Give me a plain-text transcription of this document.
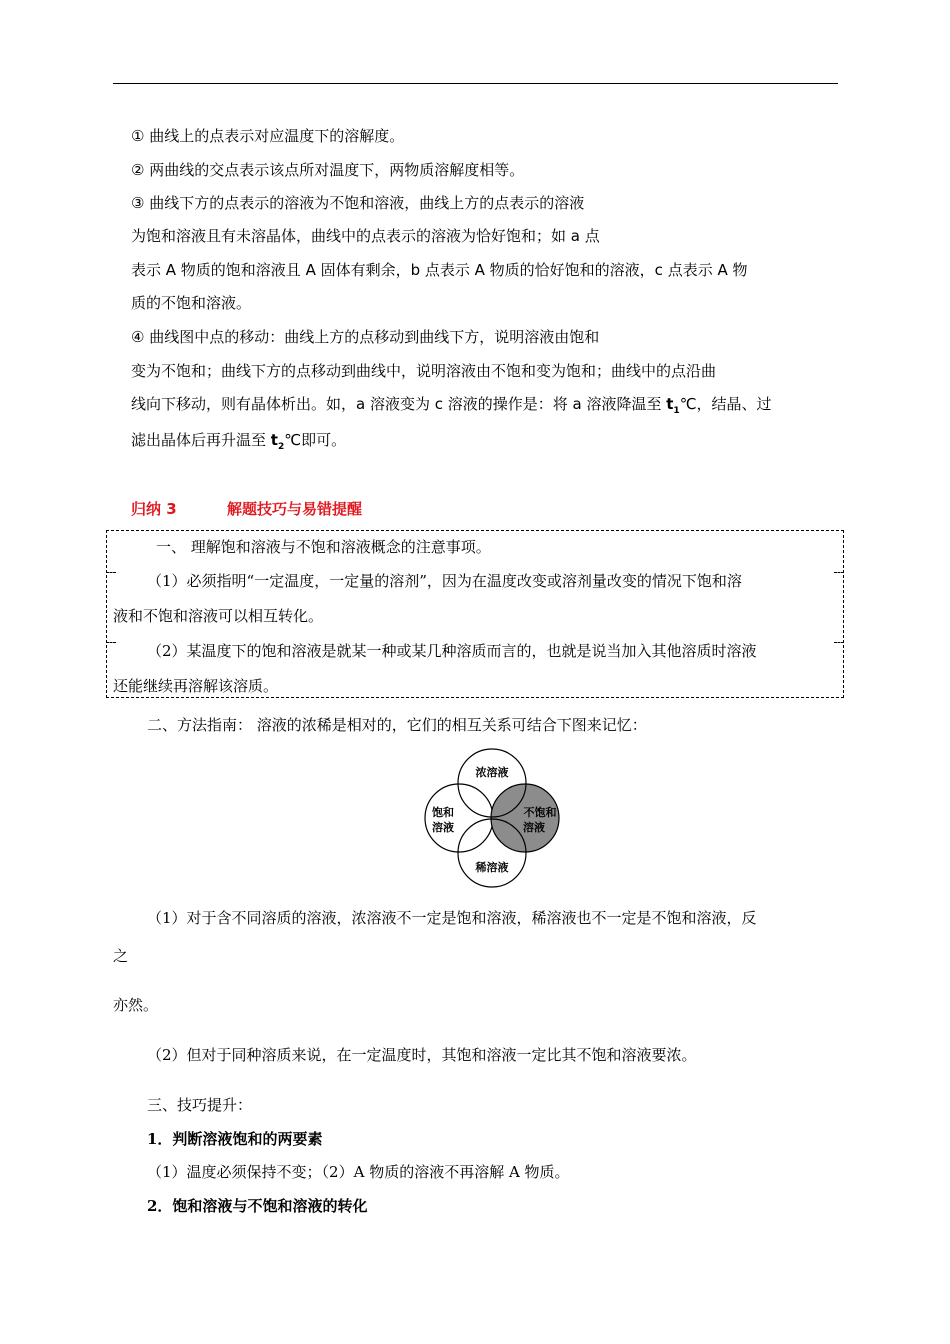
① 曲线上的点表示对应温度下的溶解度。
② 两曲线的交点表示该点所对温度下，两物质溶解度相等。
③ 曲线下方的点表示的溶液为不饱和溶液，曲线上方的点表示的溶液
为饱和溶液且有未溶晶体，曲线中的点表示的溶液为恰好饱和；如 a 点
表示 A 物质的饱和溶液且 A 固体有剩余，b 点表示 A 物质的恰好饱和的溶液，c 点表示 A 物
质的不饱和溶液。
④ 曲线图中点的移动：曲线上方的点移动到曲线下方，说明溶液由饱和
变为不饱和；曲线下方的点移动到曲线中，说明溶液由不饱和变为饱和；曲线中的点沿曲
线向下移动，则有晶体析出。如，a 溶液变为 c 溶液的操作是：将 a 溶液降温至 $t_1℃$，结晶、过
滤出晶体后再升温至 $t_2℃$即可。
归纳 3	解题技巧与易错提醒
一、 理解饱和溶液与不饱和溶液概念的注意事项。
（1）必须指明“一定温度，一定量的溶剂”，因为在温度改变或溶剂量改变的情况下饱和溶
液和不饱和溶液可以相互转化。
（2）某温度下的饱和溶液是就某一种或某几种溶质而言的，也就是说当加入其他溶质时溶液
还能继续再溶解该溶质。
二、方法指南： 溶液的浓稀是相对的，它们的相互关系可结合下图来记忆：
浓溶液
饱和
溶液
不饱和
溶液
稀溶液
（1）对于含不同溶质的溶液，浓溶液不一定是饱和溶液，稀溶液也不一定是不饱和溶液，反
之
亦然。
（2）但对于同种溶质来说，在一定温度时，其饱和溶液一定比其不饱和溶液要浓。
三、技巧提升：
1．判断溶液饱和的两要素
（1）温度必须保持不变；（2）A 物质的溶液不再溶解 A 物质。
2．饱和溶液与不饱和溶液的转化
